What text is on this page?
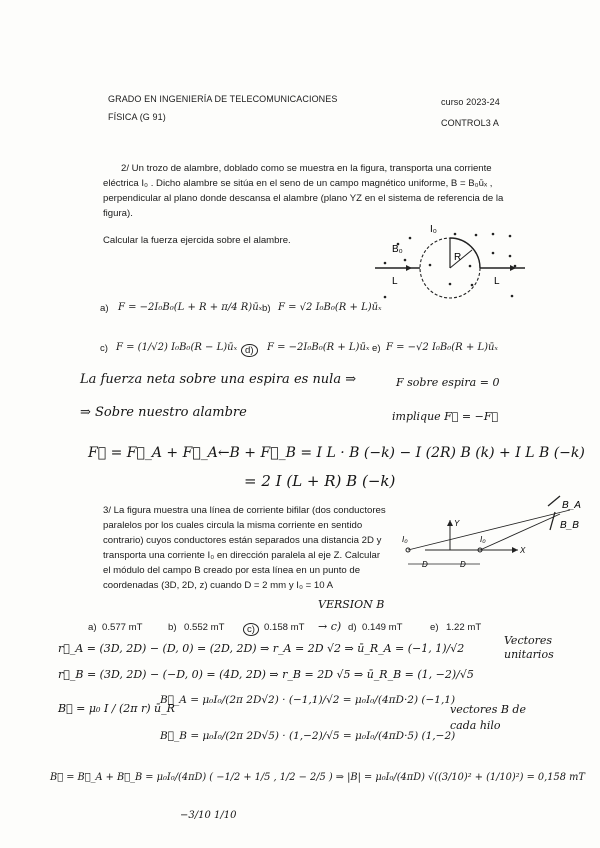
GRADO EN INGENIERÍA DE TELECOMUNICACIONES	curso 2023-24
FÍSICA (G 91)
CONTROL3 A
2/ Un trozo de alambre, doblado como se muestra en la figura, transporta una corriente
eléctrica I₀ . Dicho alambre se sitúa en el seno de un campo magnético uniforme, B = B₀ūₓ ,
perpendicular al plano donde descansa el alambre (plano YZ en el sistema de referencia de la
figura).
Calcular la fuerza ejercida sobre el alambre.
B₀
I₀
R
L	L
a) F = −2I₀B₀(L + R + π/4 R)ūₓ b) F = √2 I₀B₀(R + L)ūₓ
c) F = (1/√2) I₀B₀(R − L)ūₓ d)	F = −2I₀B₀(R + L)ūₓ e) F = −√2 I₀B₀(R + L)ūₓ
La fuerza neta sobre una espira es nula ⇒	F sobre espira = 0
⇒ Sobre nuestro alambre	implique F⃗ = −F⃗
F⃗ = F⃗_A + F⃗_A←B + F⃗_B = I L · B (−k) − I (2R) B (k) + I L B (−k)
= 2 I (L + R) B (−k)
3/ La figura muestra una línea de corriente bifilar (dos conductores
paralelos por los cuales circula la misma corriente en sentido
contrario) cuyos conductores están separados una distancia 2D y
transporta una corriente I₀ en dirección paralela al eje Z. Calcular
el módulo del campo B creado por esta línea en un punto de
coordenadas (3D, 2D, z) cuando D = 2 mm y I₀ = 10 A
B_A
B_B
Y
X
I₀	I₀
D	D
VERSION B
a) 0.577 mT	b) 0.552 mT	c) 0.158 mT → c) d) 0.149 mT	e) 1.22 mT
r⃗_A = (3D, 2D) − (D, 0) = (2D, 2D) ⇒ r_A = 2D √2 ⇒ ū_R_A = (−1, 1)/√2
r⃗_B = (3D, 2D) − (−D, 0) = (4D, 2D) ⇒ r_B = 2D √5 ⇒ ū_R_B = (1, −2)/√5
Vectores unitarios
B⃗ = μ₀ I / (2π r) ū_R
B⃗_A = μ₀I₀/(2π 2D√2) · (−1,1)/√2 = μ₀I₀/(4πD·2) (−1,1)
B⃗_B = μ₀I₀/(2π 2D√5) · (1,−2)/√5 = μ₀I₀/(4πD·5) (1,−2)
vectores B de cada hilo
B⃗ = B⃗_A + B⃗_B = μ₀I₀/(4πD) ( −1/2 + 1/5 , 1/2 − 2/5 ) ⇒ |B| = μ₀I₀/(4πD) √((3/10)² + (1/10)²) = 0,158 mT
−3/10 1/10
